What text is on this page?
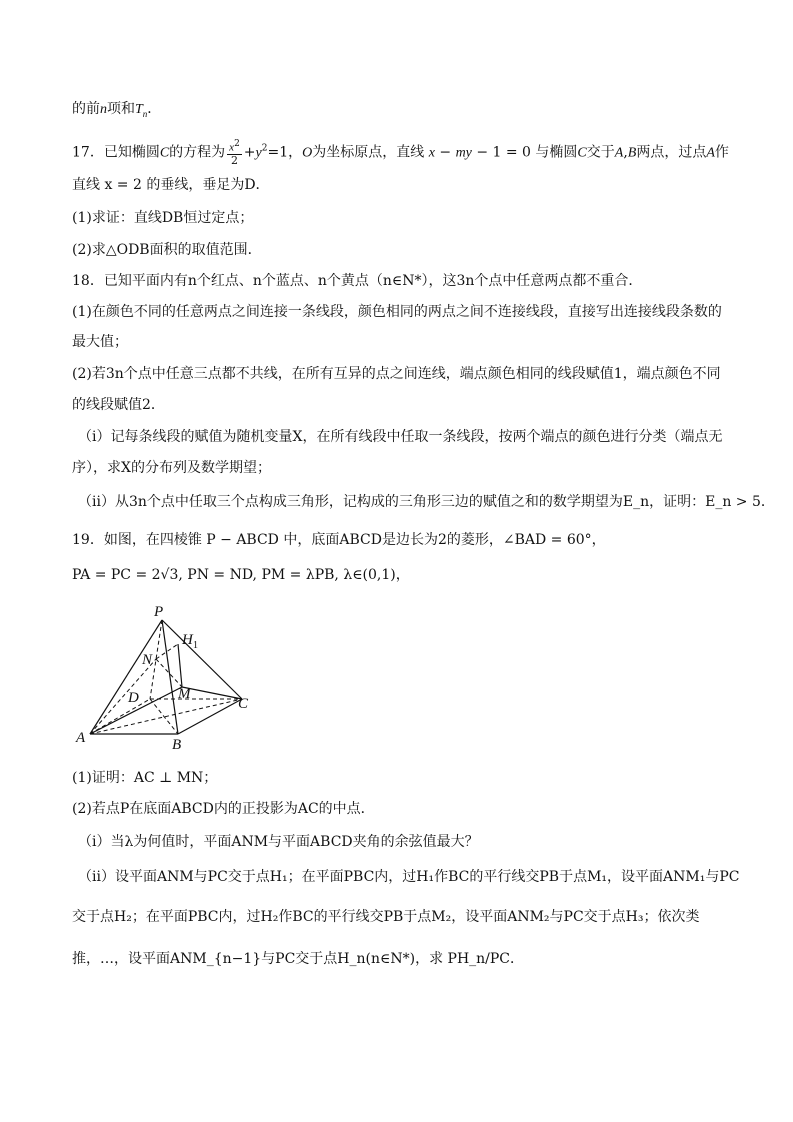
的前n项和$T_n$．
17．已知椭圆C的方程为 $\frac{x^2}{2} +y^2=1$，O为坐标原点，直线 x − my − 1 = 0 与椭圆C交于A,B两点，过点A作
直线 x = 2 的垂线，垂足为D．
(1)求证：直线DB恒过定点；
(2)求△ODB面积的取值范围．
18．已知平面内有n个红点、n个蓝点、n个黄点（n∈N*），这3n个点中任意两点都不重合．
(1)在颜色不同的任意两点之间连接一条线段，颜色相同的两点之间不连接线段，直接写出连接线段条数的
最大值；
(2)若3n个点中任意三点都不共线，在所有互异的点之间连线，端点颜色相同的线段赋值1，端点颜色不同
的线段赋值2．
（i）记每条线段的赋值为随机变量X，在所有线段中任取一条线段，按两个端点的颜色进行分类（端点无
序），求X的分布列及数学期望；
（ii）从3n个点中任取三个点构成三角形，记构成的三角形三边的赋值之和的数学期望为E_n，证明：E_n > 5．
19．如图，在四棱锥 P − ABCD 中，底面ABCD是边长为2的菱形，∠BAD = 60°，
PA = PC = 2√3, PN = ND, PM = λPB, λ∈(0,1)，
P
H 1
N
D	M
C
A	B
(1)证明：AC ⊥ MN；
(2)若点P在底面ABCD内的正投影为AC的中点．
（i）当λ为何值时，平面ANM与平面ABCD夹角的余弦值最大？
（ii）设平面ANM与PC交于点H₁；在平面PBC内，过H₁作BC的平行线交PB于点M₁，设平面ANM₁与PC
交于点H₂；在平面PBC内，过H₂作BC的平行线交PB于点M₂，设平面ANM₂与PC交于点H₃；依次类
推，…，设平面ANM_{n−1}与PC交于点H_n(n∈N*)，求 PH_n/PC．
